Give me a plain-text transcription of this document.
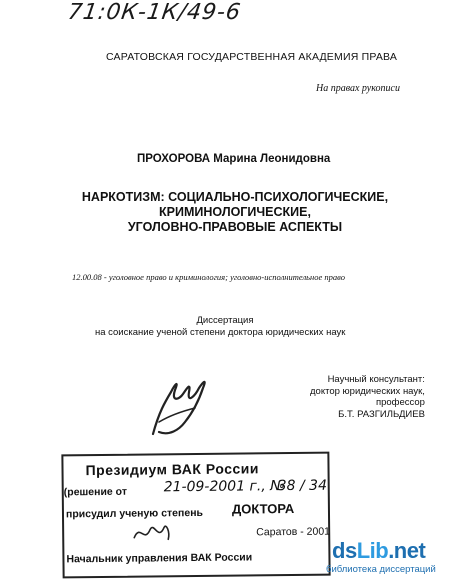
71:0К-1К/49-6
САРАТОВСКАЯ ГОСУДАРСТВЕННАЯ АКАДЕМИЯ ПРАВА
На правах рукописи
ПРОХОРОВА Марина Леонидовна
НАРКОТИЗМ: СОЦИАЛЬНО-ПСИХОЛОГИЧЕСКИЕ,
КРИМИНОЛОГИЧЕСКИЕ,
УГОЛОВНО-ПРАВОВЫЕ АСПЕКТЫ
12.00.08 - уголовное право и криминология; уголовно-исполнительное право
Диссертация
на соискание ученой степени доктора юридических наук
Научный консультант:
доктор юридических наук,
профессор
Б.Т. РАЗГИЛЬДИЕВ
Президиум ВАК России
(решение от	21-09-2001 г., №
38 / 34
присудил ученую степень ДОКТОРА
Саратов - 2001
Начальник управления ВАК России	dsLib.net
библиотека диссертаций
